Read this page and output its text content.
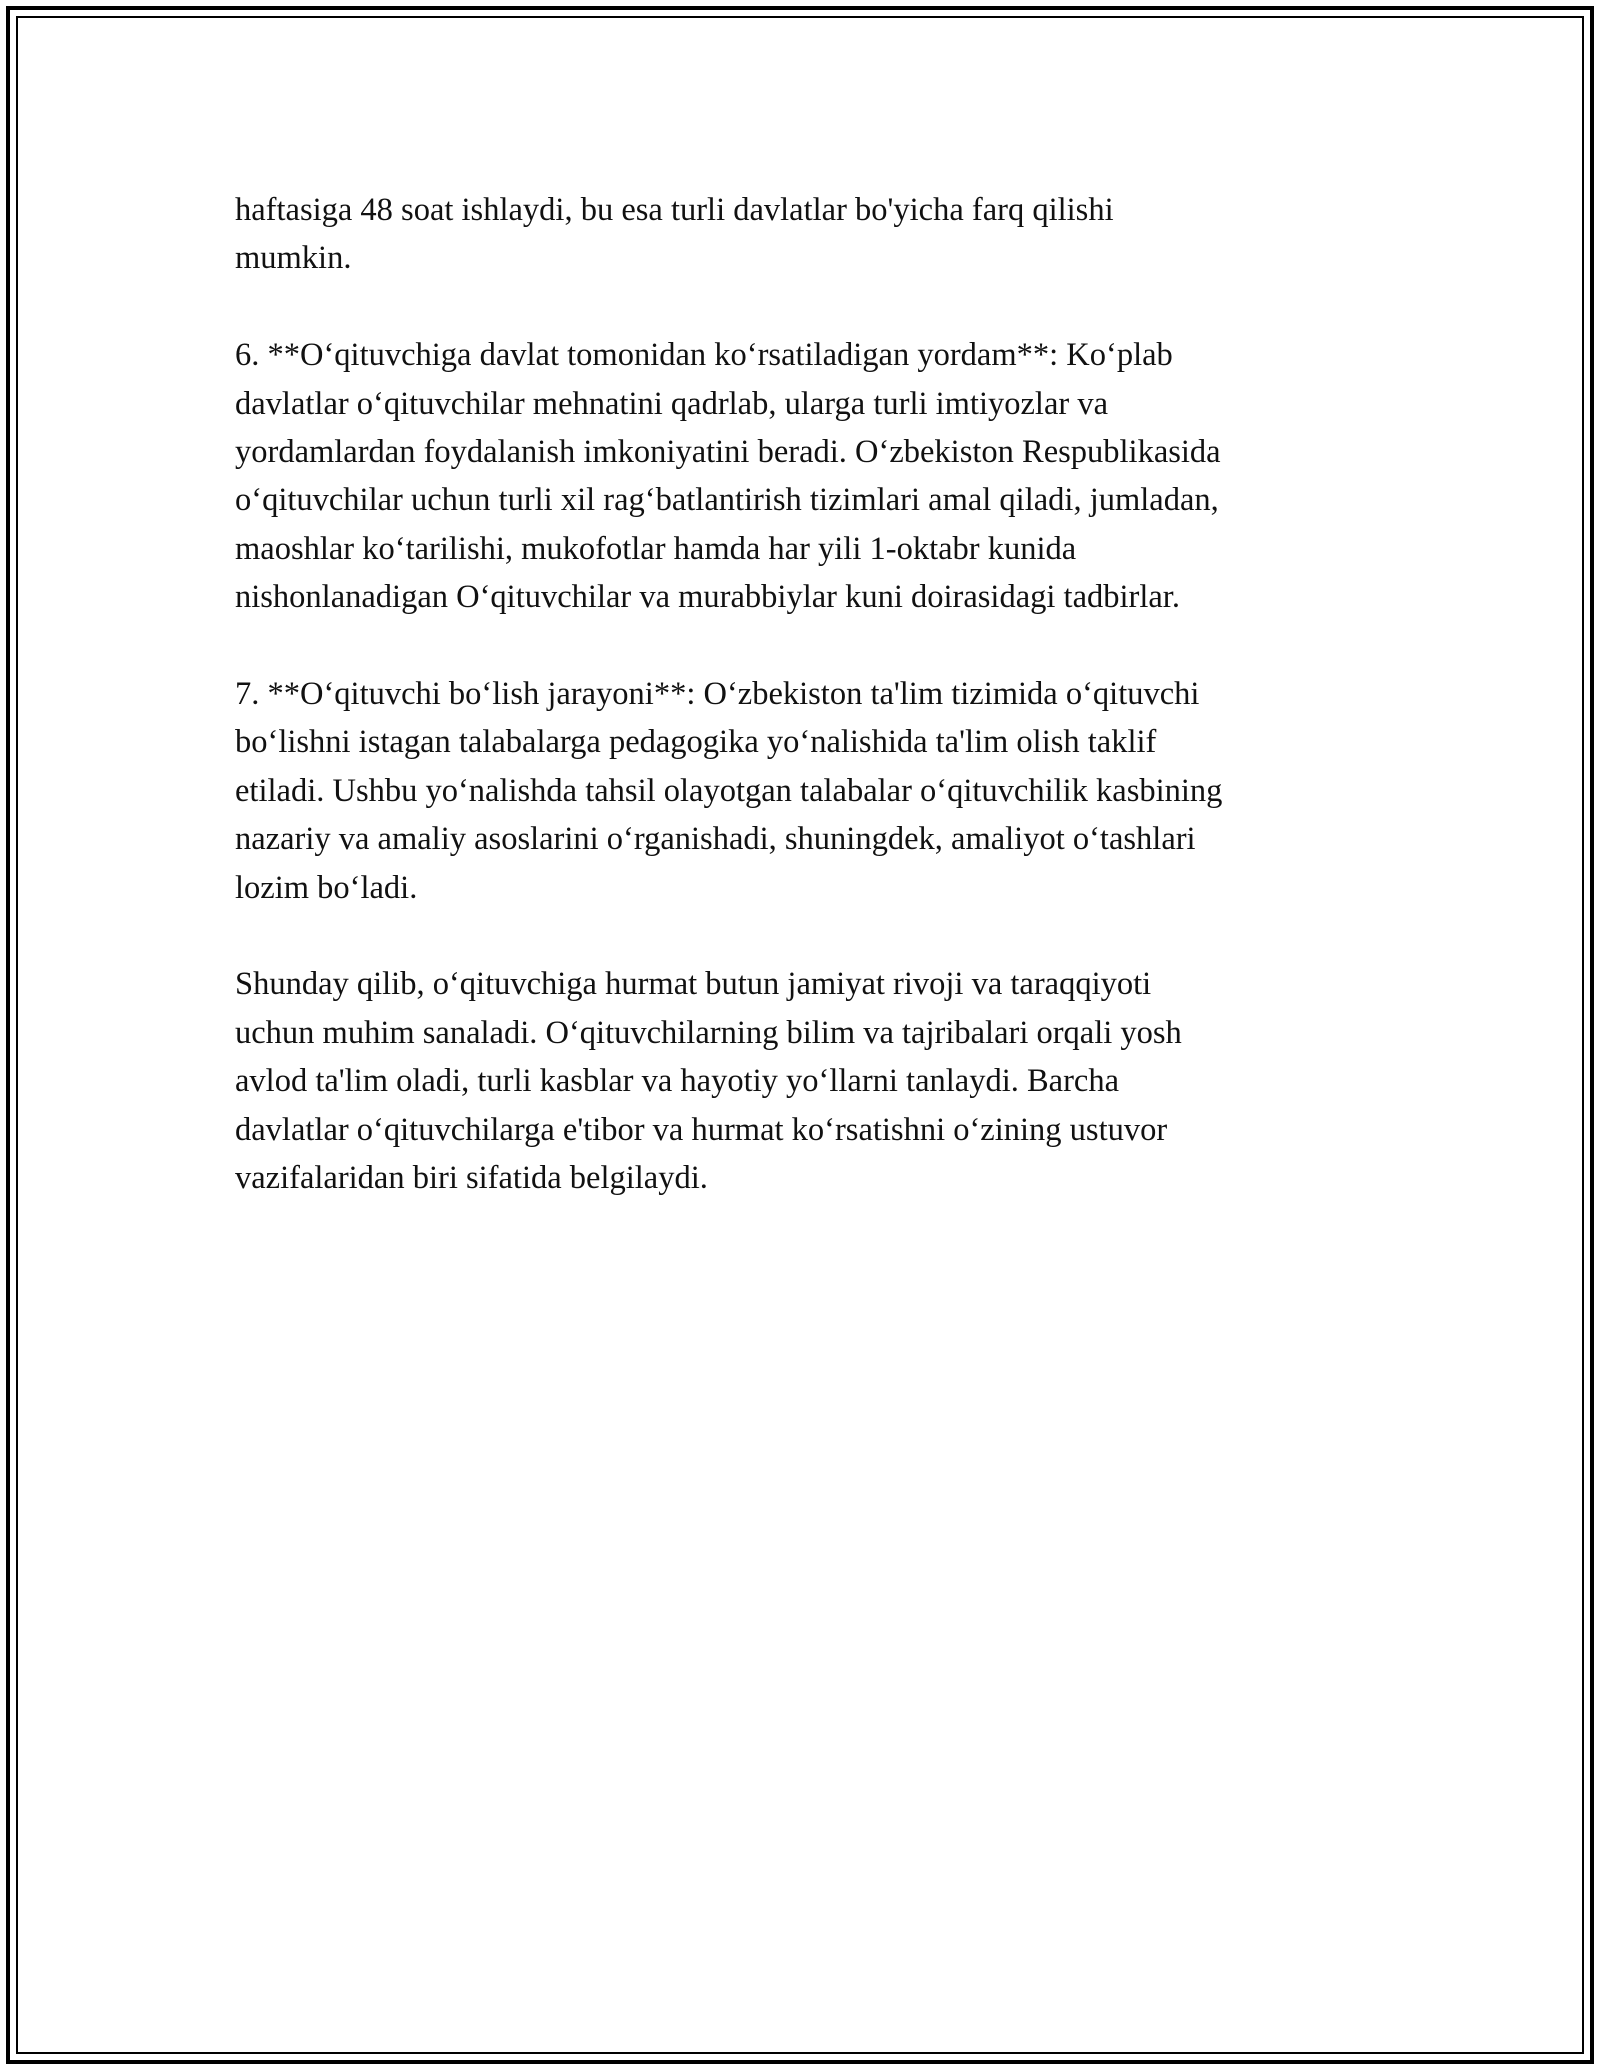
haftasiga 48 soat ishlaydi, bu esa turli davlatlar bo'yicha farq qilishi
mumkin.

6. **O‘qituvchiga davlat tomonidan ko‘rsatiladigan yordam**: Ko‘plab
davlatlar o‘qituvchilar mehnatini qadrlab, ularga turli imtiyozlar va
yordamlardan foydalanish imkoniyatini beradi. O‘zbekiston Respublikasida
o‘qituvchilar uchun turli xil rag‘batlantirish tizimlari amal qiladi, jumladan,
maoshlar ko‘tarilishi, mukofotlar hamda har yili 1-oktabr kunida
nishonlanadigan O‘qituvchilar va murabbiylar kuni doirasidagi tadbirlar.

7. **O‘qituvchi bo‘lish jarayoni**: O‘zbekiston ta'lim tizimida o‘qituvchi
bo‘lishni istagan talabalarga pedagogika yo‘nalishida ta'lim olish taklif
etiladi. Ushbu yo‘nalishda tahsil olayotgan talabalar o‘qituvchilik kasbining
nazariy va amaliy asoslarini o‘rganishadi, shuningdek, amaliyot o‘tashlari
lozim bo‘ladi.

Shunday qilib, o‘qituvchiga hurmat butun jamiyat rivoji va taraqqiyoti
uchun muhim sanaladi. O‘qituvchilarning bilim va tajribalari orqali yosh
avlod ta'lim oladi, turli kasblar va hayotiy yo‘llarni tanlaydi. Barcha
davlatlar o‘qituvchilarga e'tibor va hurmat ko‘rsatishni o‘zining ustuvor
vazifalaridan biri sifatida belgilaydi.
